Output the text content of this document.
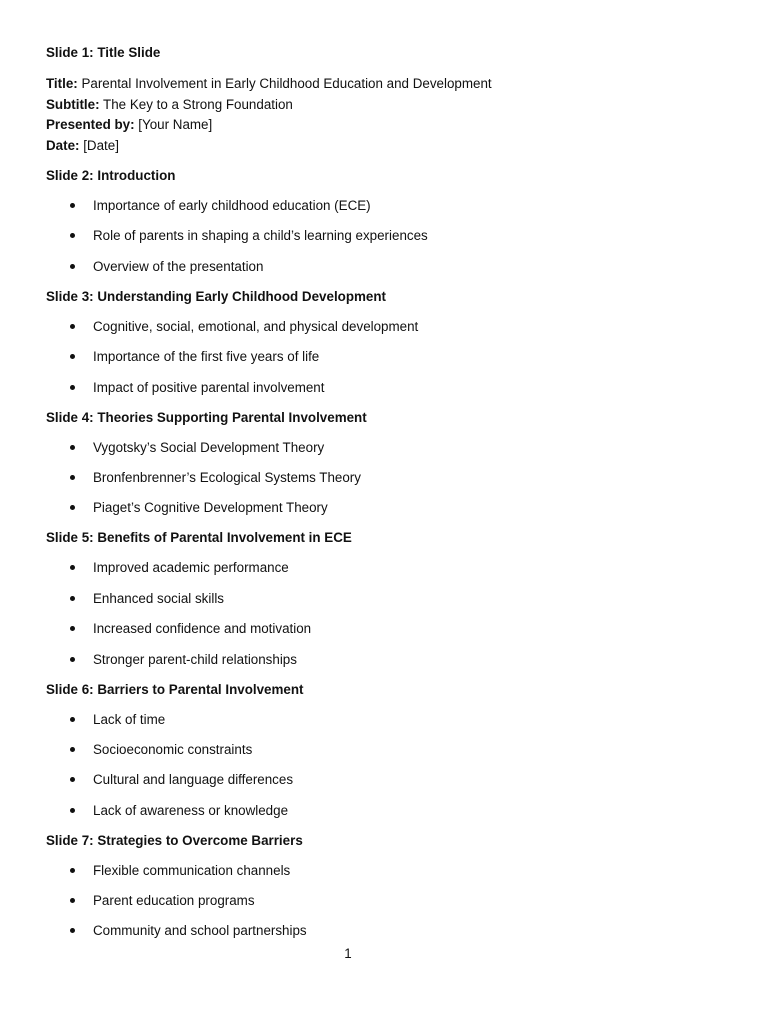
Slide 1: Title Slide

Title: Parental Involvement in Early Childhood Education and Development
Subtitle: The Key to a Strong Foundation
Presented by: [Your Name]
Date: [Date]

Slide 2: Introduction

Importance of early childhood education (ECE)
Role of parents in shaping a child’s learning experiences
Overview of the presentation

Slide 3: Understanding Early Childhood Development

Cognitive, social, emotional, and physical development
Importance of the first five years of life
Impact of positive parental involvement

Slide 4: Theories Supporting Parental Involvement

Vygotsky’s Social Development Theory
Bronfenbrenner’s Ecological Systems Theory
Piaget’s Cognitive Development Theory

Slide 5: Benefits of Parental Involvement in ECE

Improved academic performance
Enhanced social skills
Increased confidence and motivation
Stronger parent-child relationships

Slide 6: Barriers to Parental Involvement

Lack of time
Socioeconomic constraints
Cultural and language differences
Lack of awareness or knowledge

Slide 7: Strategies to Overcome Barriers

Flexible communication channels
Parent education programs
Community and school partnerships
1
